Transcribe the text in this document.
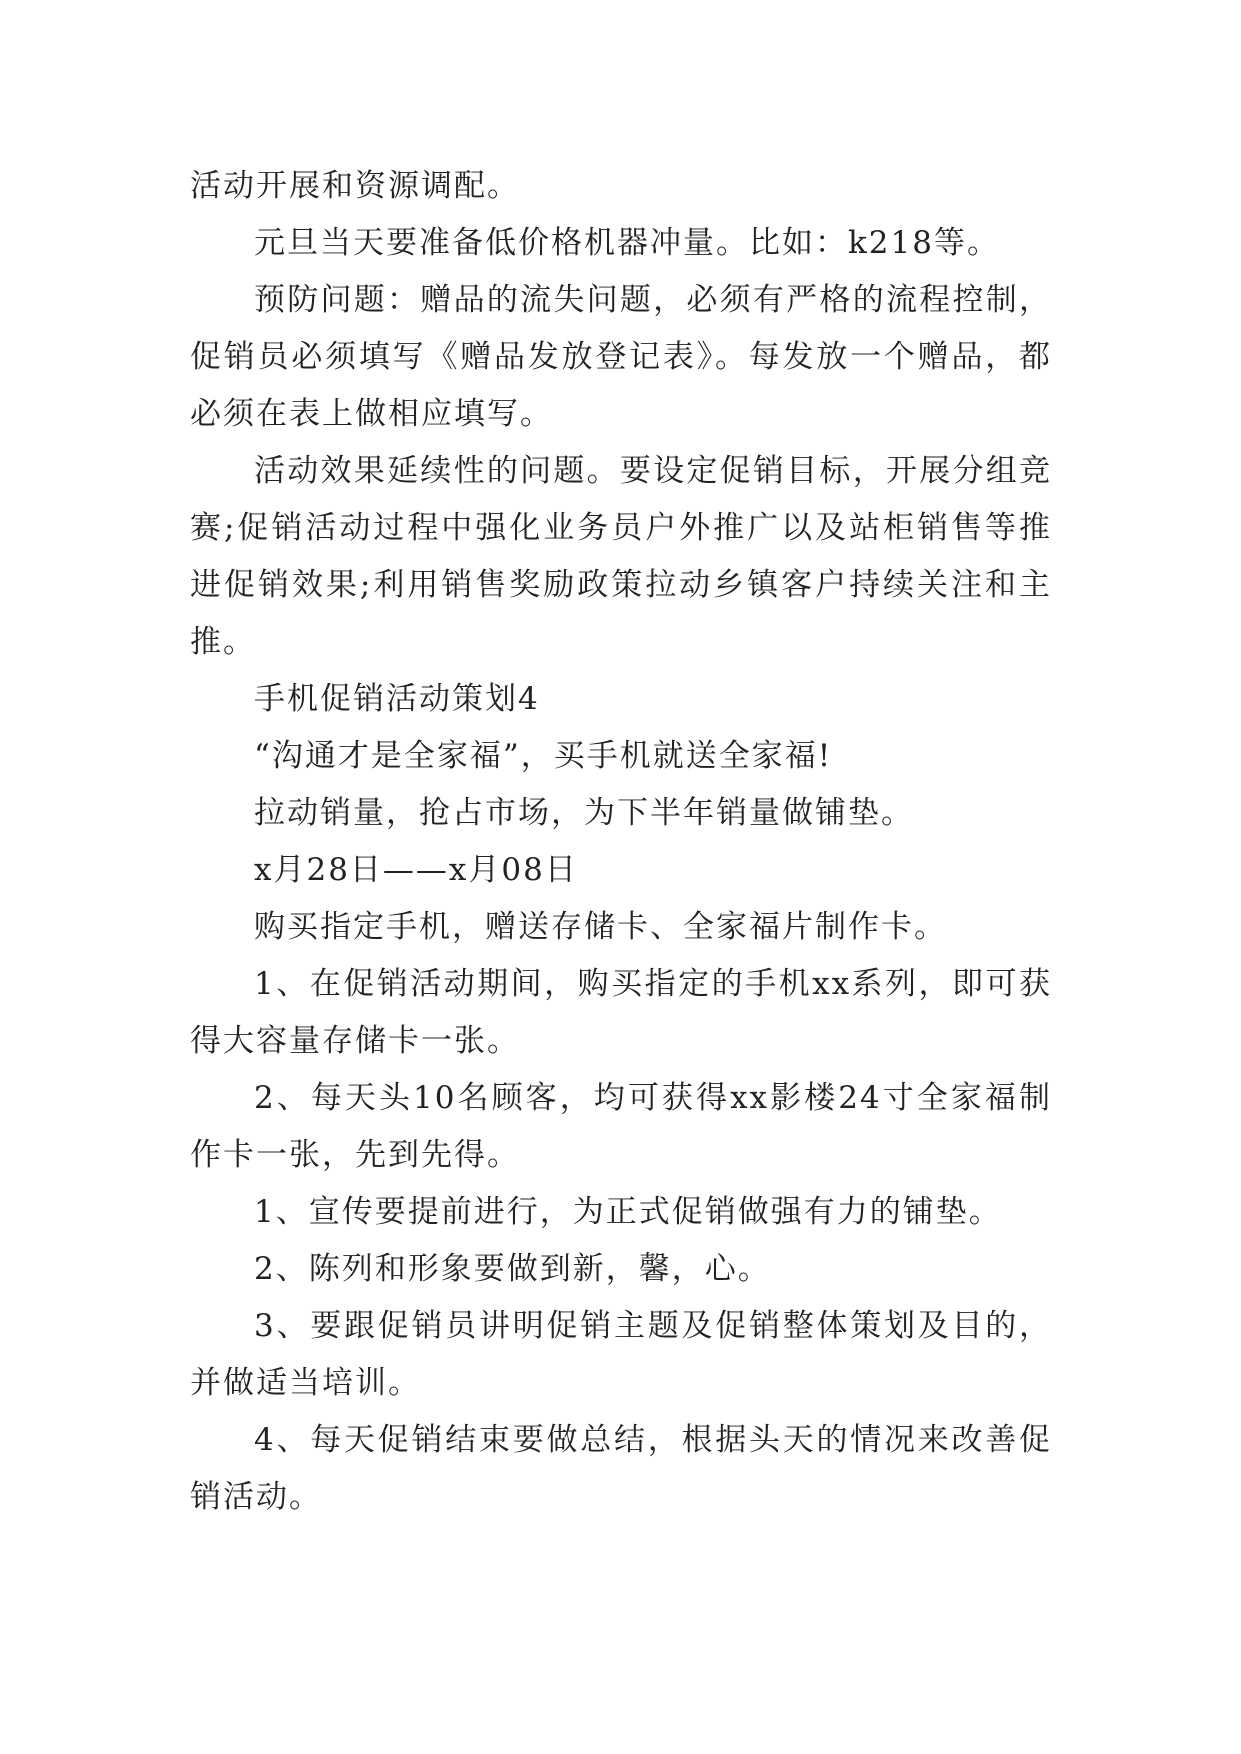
活动开展和资源调配。

元旦当天要准备低价格机器冲量。比如：k218等。

预防问题：赠品的流失问题，必须有严格的流程控制，促销员必须填写《赠品发放登记表》。每发放一个赠品，都必须在表上做相应填写。

活动效果延续性的问题。要设定促销目标，开展分组竞赛;促销活动过程中强化业务员户外推广以及站柜销售等推进促销效果;利用销售奖励政策拉动乡镇客户持续关注和主推。

手机促销活动策划4

“沟通才是全家福”，买手机就送全家福!

拉动销量，抢占市场，为下半年销量做铺垫。

x月28日——x月08日

购买指定手机，赠送存储卡、全家福片制作卡。

1、在促销活动期间，购买指定的手机xx系列，即可获得大容量存储卡一张。

2、每天头10名顾客，均可获得xx影楼24寸全家福制作卡一张，先到先得。

1、宣传要提前进行，为正式促销做强有力的铺垫。

2、陈列和形象要做到新，馨，心。

3、要跟促销员讲明促销主题及促销整体策划及目的，并做适当培训。

4、每天促销结束要做总结，根据头天的情况来改善促销活动。
